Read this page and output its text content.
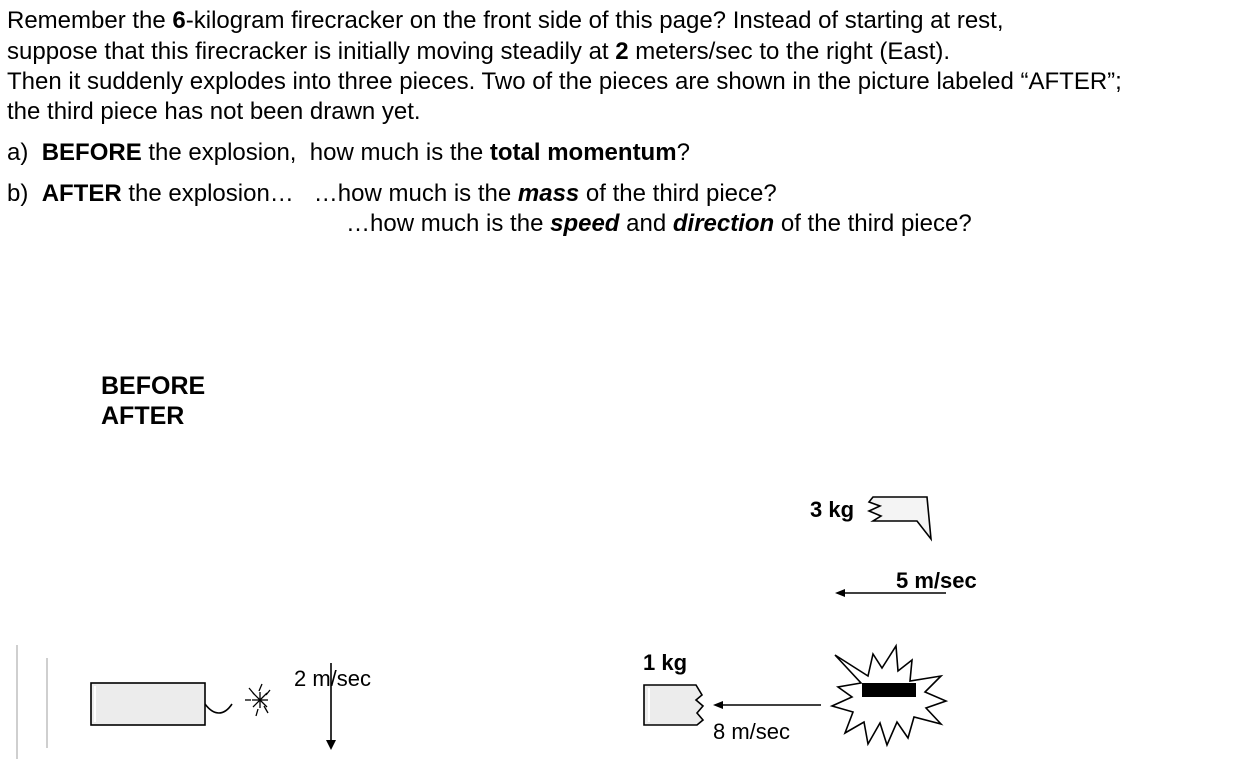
Remember the 6-kilogram firecracker on the front side of this page? Instead of starting at rest,
suppose that this firecracker is initially moving steadily at 2 meters/sec to the right (East).
Then it suddenly explodes into three pieces. Two of the pieces are shown in the picture labeled “AFTER”;
the third piece has not been drawn yet.
a)  BEFORE the explosion,  how much is the total momentum?
b)  AFTER the explosion…   …how much is the mass of the third piece?
…how much is the speed and direction of the third piece?
BEFORE
AFTER
2 m/sec
3 kg
5 m/sec
1 kg
8 m/sec
